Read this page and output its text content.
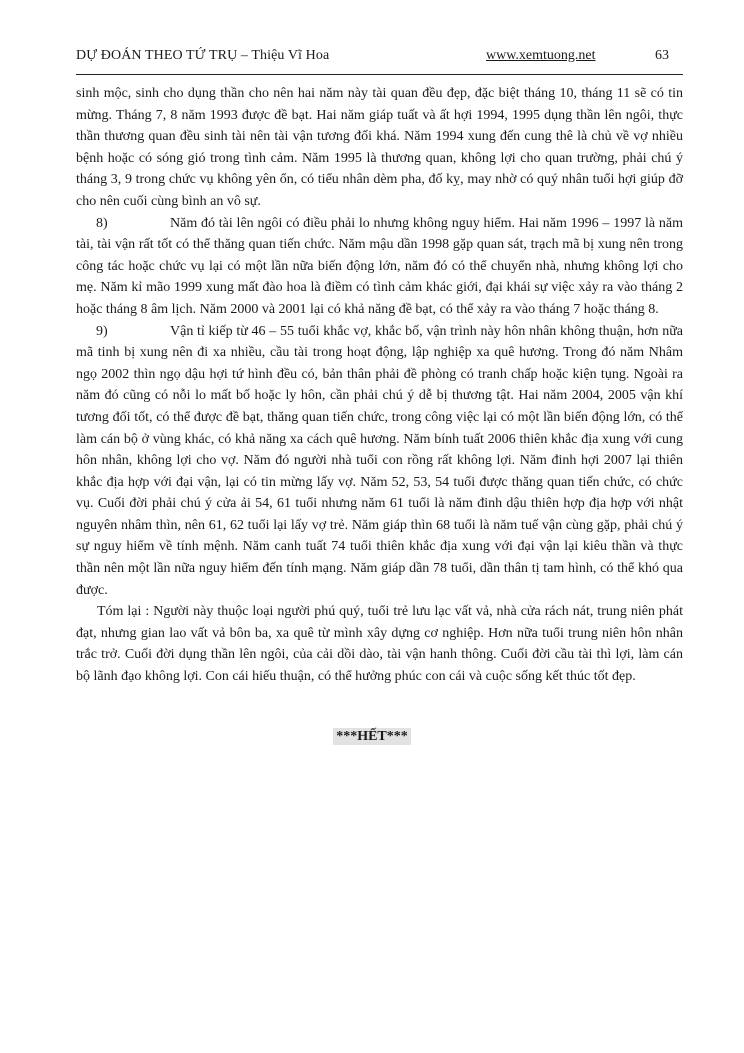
DỰ ĐOÁN THEO TỨ TRỤ – Thiệu Vĩ Hoa	www.xemtuong.net	63

sinh mộc, sinh cho dụng thần cho nên hai năm này tài quan đều đẹp, đặc biệt tháng 10, tháng 11 sẽ có tin mừng. Tháng 7, 8 năm 1993 được đề bạt. Hai năm giáp tuất và ất hợi 1994, 1995 dụng thần lên ngôi, thực thần thương quan đều sinh tài nên tài vận tương đối khá. Năm 1994 xung đến cung thê là chủ về vợ nhiều bệnh hoặc có sóng gió trong tình cảm. Năm 1995 là thương quan, không lợi cho quan trường, phải chú ý tháng 3, 9 trong chức vụ không yên ổn, có tiểu nhân dèm pha, đố kỵ, may nhờ có quý nhân tuổi hợi giúp đỡ cho nên cuối cùng bình an vô sự.

8)	Năm đó tài lên ngôi có điều phải lo nhưng không nguy hiểm. Hai năm 1996 – 1997 là năm tài, tài vận rất tốt có thể thăng quan tiến chức. Năm mậu dần 1998 gặp quan sát, trạch mã bị xung nên trong công tác hoặc chức vụ lại có một lần nữa biến động lớn, năm đó có thể chuyển nhà, nhưng không lợi cho mẹ. Năm kỉ mão 1999 xung mất đào hoa là điềm có tình cảm khác giới, đại khái sự việc xảy ra vào tháng 2 hoặc tháng 8 âm lịch. Năm 2000 và 2001 lại có khả năng đề bạt, có thể xảy ra vào tháng 7 hoặc tháng 8.

9)	Vận tỉ kiếp từ 46 – 55 tuổi khắc vợ, khắc bố, vận trình này hôn nhân không thuận, hơn nữa mã tinh bị xung nên đi xa nhiều, cầu tài trong hoạt động, lập nghiệp xa quê hương. Trong đó năm Nhâm ngọ 2002 thìn ngọ dậu hợi tứ hình đều có, bản thân phải đề phòng có tranh chấp hoặc kiện tụng. Ngoài ra năm đó cũng có nỗi lo mất bố hoặc ly hôn, cần phải chú ý dễ bị thương tật. Hai năm 2004, 2005 vận khí tương đối tốt, có thể được đề bạt, thăng quan tiến chức, trong công việc lại có một lần biến động lớn, có thể làm cán bộ ở vùng khác, có khả năng xa cách quê hương. Năm bính tuất 2006 thiên khắc địa xung với cung hôn nhân, không lợi cho vợ. Năm đó người nhà tuổi con rồng rất không lợi. Năm đinh hợi 2007 lại thiên khắc địa hợp với đại vận, lại có tin mừng lấy vợ. Năm 52, 53, 54 tuổi được thăng quan tiến chức, có chức vụ. Cuối đời phải chú ý cửa ải 54, 61 tuổi nhưng năm 61 tuổi là năm đinh dậu thiên hợp địa hợp với nhật nguyên nhâm thìn, nên 61, 62 tuổi lại lấy vợ trẻ. Năm giáp thìn 68 tuổi là năm tuế vận cùng gặp, phải chú ý sự nguy hiểm về tính mệnh. Năm canh tuất 74 tuổi thiên khắc địa xung với đại vận lại kiêu thần và thực thần nên một lần nữa nguy hiểm đến tính mạng. Năm giáp dần 78 tuổi, dần thân tị tam hình, có thể khó qua được.

Tóm lại : Người này thuộc loại người phú quý, tuổi trẻ lưu lạc vất vả, nhà cửa rách nát, trung niên phát đạt, nhưng gian lao vất vả bôn ba, xa quê từ mình xây dựng cơ nghiệp. Hơn nữa tuổi trung niên hôn nhân trắc trở. Cuối đời dụng thần lên ngôi, của cải dồi dào, tài vận hanh thông. Cuối đời cầu tài thì lợi, làm cán bộ lãnh đạo không lợi. Con cái hiếu thuận, có thể hưởng phúc con cái và cuộc sống kết thúc tốt đẹp.

***HẾT***
